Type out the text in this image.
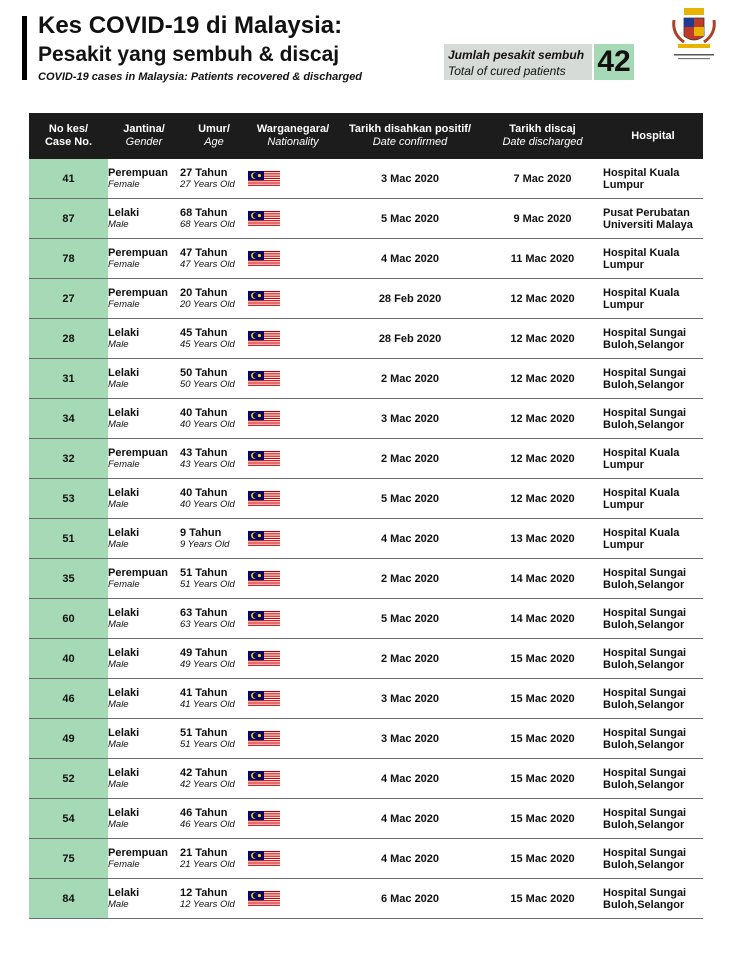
Kes COVID-19 di Malaysia:
Pesakit yang sembuh & discaj
COVID-19 cases in Malaysia: Patients recovered & discharged
Jumlah pesakit sembuh
Total of cured patients 42
No kes/
Case No.	Jantina/
Gender	Umur/
Age	Warganegara/
Nationality	Tarikh disahkan positif/
Date confirmed	Tarikh discaj
Date discharged	Hospital
41	Perempuan
Female	27 Tahun
27 Years Old		3 Mac 2020	7 Mac 2020	Hospital Kuala
Lumpur

87	Lelaki
Male	68 Tahun
68 Years Old		5 Mac 2020	9 Mac 2020	Pusat Perubatan
Universiti Malaya

78	Perempuan
Female	47 Tahun
47 Years Old		4 Mac 2020	11 Mac 2020	Hospital Kuala
Lumpur

27	Perempuan
Female	20 Tahun
20 Years Old		28 Feb 2020	12 Mac 2020	Hospital Kuala
Lumpur

28	Lelaki
Male	45 Tahun
45 Years Old		28 Feb 2020	12 Mac 2020	Hospital Sungai
Buloh,Selangor

31	Lelaki
Male	50 Tahun
50 Years Old		2 Mac 2020	12 Mac 2020	Hospital Sungai
Buloh,Selangor

34	Lelaki
Male	40 Tahun
40 Years Old		3 Mac 2020	12 Mac 2020	Hospital Sungai
Buloh,Selangor

32	Perempuan
Female	43 Tahun
43 Years Old		2 Mac 2020	12 Mac 2020	Hospital Kuala
Lumpur

53	Lelaki
Male	40 Tahun
40 Years Old		5 Mac 2020	12 Mac 2020	Hospital Kuala
Lumpur

51	Lelaki
Male	9 Tahun
9 Years Old		4 Mac 2020	13 Mac 2020	Hospital Kuala
Lumpur

35	Perempuan
Female	51 Tahun
51 Years Old		2 Mac 2020	14 Mac 2020	Hospital Sungai
Buloh,Selangor

60	Lelaki
Male	63 Tahun
63 Years Old		5 Mac 2020	14 Mac 2020	Hospital Sungai
Buloh,Selangor

40	Lelaki
Male	49 Tahun
49 Years Old		2 Mac 2020	15 Mac 2020	Hospital Sungai
Buloh,Selangor

46	Lelaki
Male	41 Tahun
41 Years Old		3 Mac 2020	15 Mac 2020	Hospital Sungai
Buloh,Selangor

49	Lelaki
Male	51 Tahun
51 Years Old		3 Mac 2020	15 Mac 2020	Hospital Sungai
Buloh,Selangor

52	Lelaki
Male	42 Tahun
42 Years Old		4 Mac 2020	15 Mac 2020	Hospital Sungai
Buloh,Selangor

54	Lelaki
Male	46 Tahun
46 Years Old		4 Mac 2020	15 Mac 2020	Hospital Sungai
Buloh,Selangor

75	Perempuan
Female	21 Tahun
21 Years Old		4 Mac 2020	15 Mac 2020	Hospital Sungai
Buloh,Selangor

84	Lelaki
Male	12 Tahun
12 Years Old		6 Mac 2020	15 Mac 2020	Hospital Sungai
Buloh,Selangor
